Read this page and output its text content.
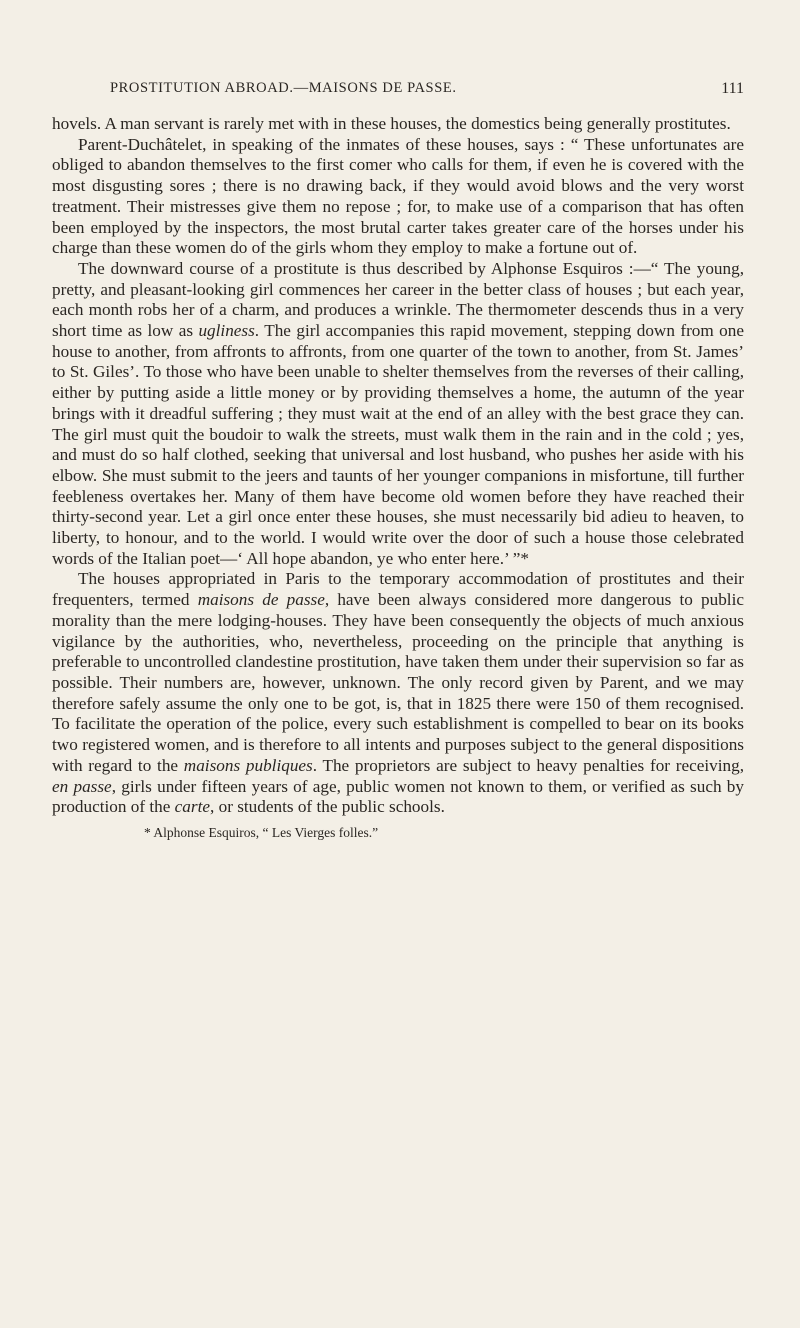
PROSTITUTION ABROAD.—MAISONS DE PASSE.	111

hovels. A man servant is rarely met with in these houses, the domestics being generally prostitutes.

Parent-Duchâtelet, in speaking of the inmates of these houses, says : “ These unfortunates are obliged to abandon themselves to the first comer who calls for them, if even he is covered with the most disgusting sores ; there is no drawing back, if they would avoid blows and the very worst treatment. Their mistresses give them no repose ; for, to make use of a comparison that has often been employed by the inspectors, the most brutal carter takes greater care of the horses under his charge than these women do of the girls whom they employ to make a fortune out of.

The downward course of a prostitute is thus described by Alphonse Esquiros :—“ The young, pretty, and pleasant-looking girl commences her career in the better class of houses ; but each year, each month robs her of a charm, and produces a wrinkle. The thermometer descends thus in a very short time as low as ugliness. The girl accompanies this rapid movement, stepping down from one house to another, from affronts to affronts, from one quarter of the town to another, from St. James’ to St. Giles’. To those who have been unable to shelter themselves from the reverses of their calling, either by putting aside a little money or by providing themselves a home, the autumn of the year brings with it dreadful suffering ; they must wait at the end of an alley with the best grace they can. The girl must quit the boudoir to walk the streets, must walk them in the rain and in the cold ; yes, and must do so half clothed, seeking that universal and lost husband, who pushes her aside with his elbow. She must submit to the jeers and taunts of her younger companions in misfortune, till further feebleness overtakes her. Many of them have become old women before they have reached their thirty-second year. Let a girl once enter these houses, she must necessarily bid adieu to heaven, to liberty, to honour, and to the world. I would write over the door of such a house those celebrated words of the Italian poet—‘ All hope abandon, ye who enter here.’ ”*

The houses appropriated in Paris to the temporary accommodation of prostitutes and their frequenters, termed maisons de passe, have been always considered more dangerous to public morality than the mere lodging-houses. They have been consequently the objects of much anxious vigilance by the authorities, who, nevertheless, proceeding on the principle that anything is preferable to uncontrolled clandestine prostitution, have taken them under their supervision so far as possible. Their numbers are, however, unknown. The only record given by Parent, and we may therefore safely assume the only one to be got, is, that in 1825 there were 150 of them recognised. To facilitate the operation of the police, every such establishment is compelled to bear on its books two registered women, and is therefore to all intents and purposes subject to the general dispositions with regard to the maisons publiques. The proprietors are subject to heavy penalties for receiving, en passe, girls under fifteen years of age, public women not known to them, or verified as such by production of the carte, or students of the public schools.

* Alphonse Esquiros, “ Les Vierges folles.”
